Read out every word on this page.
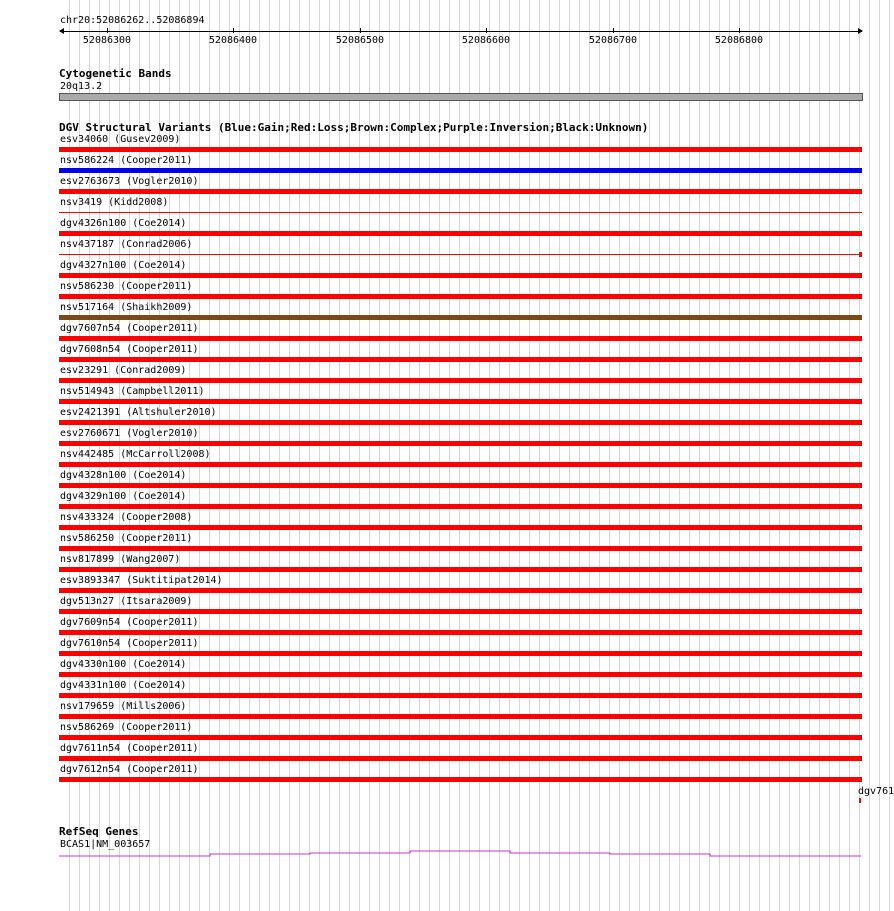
chr20:52086262..52086894
52086300	52086400	52086500	52086600	52086700	52086800
Cytogenetic Bands
20q13.2
DGV Structural Variants (Blue:Gain;Red:Loss;Brown:Complex;Purple:Inversion;Black:Unknown)
esv34060 (Gusev2009)
nsv586224 (Cooper2011)
esv2763673 (Vogler2010)
nsv3419 (Kidd2008)
dgv4326n100 (Coe2014)
nsv437187 (Conrad2006)
dgv4327n100 (Coe2014)
nsv586230 (Cooper2011)
nsv517164 (Shaikh2009)
dgv7607n54 (Cooper2011)
dgv7608n54 (Cooper2011)
esv23291 (Conrad2009)
nsv514943 (Campbell2011)
esv2421391 (Altshuler2010)
esv2760671 (Vogler2010)
nsv442485 (McCarroll2008)
dgv4328n100 (Coe2014)
dgv4329n100 (Coe2014)
nsv433324 (Cooper2008)
nsv586250 (Cooper2011)
nsv817899 (Wang2007)
esv3893347 (Suktitipat2014)
dgv513n27 (Itsara2009)
dgv7609n54 (Cooper2011)
dgv7610n54 (Cooper2011)
dgv4330n100 (Coe2014)
dgv4331n100 (Coe2014)
nsv179659 (Mills2006)
nsv586269 (Cooper2011)
dgv7611n54 (Cooper2011)
dgv7612n54 (Cooper2011)
dgv761
RefSeq Genes
BCAS1|NM_003657
